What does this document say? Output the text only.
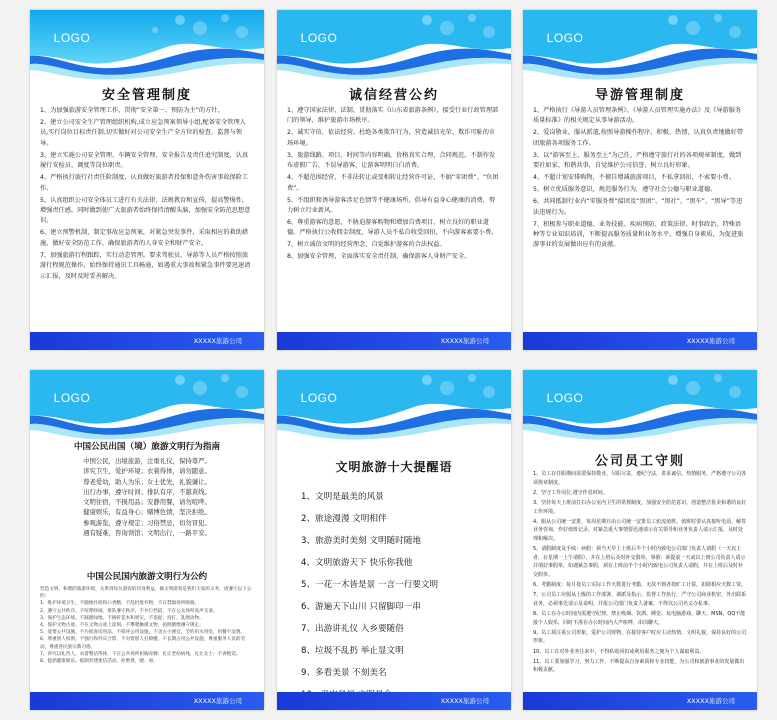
LOGO
安全管理制度

1、为加强旅游安全管理工作，贯彻“安全第一、预防为主”的方针。

2、建立公司安全生产管理组织机构,成立应急预案领导小组,配备安全管理人员,实行岗位目标责任制,切实做好对公司安全生产全方位的检查、监督与领导。

3、建立实施公司安全管理、车辆安全管理、安全报告及责任追究制度，认真履行安检员、调度等岗位职责。

4、严格执行旅行社责任险制度，认真做好旅游者投保和意外伤害事故保险工作。

5、认真组织公司安全体员工进行有关法律、法规教育和宣传，提高警惕性，增强责任感。同时做到使广大旅游者始终保持清醒头脑，加强安全防范思想意识。

6、建立预警机制，制定事故应急预案，对紧急突发事件，采取相应的救助措施，做好安全防范工作，确保旅游者的人身安全和财产安全。

7、加强旅游行程跟踪，实行动态管理。要求驾驶员、导游等人员严格按照旅游行程规范操作，始终保持通讯工具畅通，如遇重大事故和紧急事件要迅速请示汇报，及时及时妥善解决。

XXXXX旅游公司
LOGO
诚信经营公约

1、遵守国家法律、法制，贯彻落实《山东省旅游条例》，接受行业行政管理部门的领导，维护旅游市场秩序。

2、诚实守信，依法经营。杜绝各类欺诈行为，营造诚信光荣、欺诈可耻的市场环境。

3、旅游线路、项目、时间等内容明确，价格真实合理，合同规范。不制作发布虚假广告，不误导游客，让游客明明白白消费。

4、不超范围经营，不非法转让或变相转让经营许可证，不搞“零团费”、“负团费”。

5、不组织和诱导游客涉足色情等不健康场所，倡导有益身心健康的消费，努力树立行业新风。

6、尊重游客的意愿，不胁迫游客购物和增加自费项目，树立良好的职业道德。严格执行公收佣金制度，导游人员不私自收受回扣，不向游客索要小费。

7、树立诚信文明的经营理念，自觉维护游客的合法权益。

8、加强安全管理，全面落实安全责任制，确保游客人身财产安全。

XXXXX旅游公司
LOGO
导游管理制度

1、严格执行《导游人员管理条例》、《导游人员管理实施办法》及《导游服务质量标准》的相关规定从事导游活动。

2、爱岗敬业，服从派遣,按照导游操作程序，积极、热情、认真负责地做好带团旅游各项服务工作。

3、以“游客至上，服务至上”为己任，严格遵守旅行社的各项规章制度，做到要社如家、和谐共事，自觉维护公司信誉，树立良好形象。

4、不超计划安排购物，不擅自增减旅游项目，不私拿回扣，不索要小费。

5、树立优质服务意识，规范服务行为，遵守社会公德与职业道德。

6、共同抵制行业内“零服务费”接团及“黑团”、“黑社”、“黑车”、“黑导”等违法违规行为。

7、积极参与职业道德、业务技能、疾病预防、政策法律、时事政治、特殊语种等专业知识培训，不断提高服务质量和业务水平，增强自身素质，为促进旅游事业的发展做出应有的贡献。

XXXXX旅游公司
LOGO
中国公民出国（境）旅游文明行为指南
中国公民，出境旅游，注重礼仪，保持尊严。
讲究卫生，爱护环境；衣着得体，请勿随意。
尊老爱幼，助人为乐；女士优先，礼貌谦让。
出行办事，遵守时间；排队有序，不越黄线。
文明住宿，不损用品；安静用餐，请勿喧哗。
健康娱乐，有益身心；赌博色情，坚决拒绝。
参观游览，遵守规定；习俗禁忌，切勿冒犯。
遇有疑难，咨询领馆；文明出行，一路平安。
中国公民国内旅游文明行为公约

营造文明、和谐的旅游环境，关系到每位游客的切身利益，做文明游客是我们大家的义务，请遵守以下公约：

1、维护环境卫生。不随地吐痰和口香糖，不乱扔废弃物，不在禁烟场所吸烟。

2、遵守公共秩序。不喧哗吵闹，排队遵守秩序，不并行挡道，不在公众场所高声交谈。

3、保护生态环境。不踩踏绿地，不摘折花木和果实，不追捉、投打、乱喂动物。

4、保护文物古迹。不在文物古迹上涂刻，不攀爬触摸文物，拍照摄像遵守规定。

5、爱惜公共设施。不污损客房用品，不损坏公用设施，不贪占小便宜，节约用水用电，用餐不浪费。

6、尊重别人权利。不强行和外宾合影，不对着别人打喷嚏，不长期占用公共设施，尊重服务人员的劳动，尊重各民族宗教习俗。

7、讲究以礼待人。衣着整洁得体，不在公共场所袒胸赤膊；礼让老幼病残，礼让女士；不讲粗话。

8、提倡健康娱乐。抵制封建迷信活动，拒绝黄、赌、毒。

XXXXX旅游公司
LOGO
文明旅游十大提醒语
1、文明是最美的风景
2、旅途漫漫 文明相伴
3、旅游美时美刻 文明随时随地
4、文明旅游天下 快乐你我他
5、一花一木皆是景 一言一行要文明
6、游遍天下山川 只留脚印一串
7、出游讲礼仪 入乡要随俗
8、垃圾不乱扔 举止显文明
9、多看美景 不刻美名
XXXXX旅游公司
LOGO
公司员工守则

1、员工在任职期间需要保持敬业、尽职尽责，遵纪守法，讲求诚信、热情服务，严格遵守公司各项规章制度。

2、坚守工作岗位,遵守作息时间。

3、坚持每天上班前打扫办公室内卫生的常规制度，加强安全防范意识，创造整洁优美和谐的良好工作环境。

4、服从公司统一安排，每周星期日由公司统一安排员工轮流值班，值班时要认真接听电话，解答业务咨询，作好值班记录，对紧急重大事情要迅速请示有关领导和业务负责人请示汇报，及时处理和解决。

5、请假制度及手续：病假：须当天早上上班后半个小时内致电公司部门负责人请假（一天以上者，在星期一上午请假），并在上班后及时补交假单。事假：须提前一天或以上到公司负责人请示并填好事假单，如遇紧急事假，须在上班前半个小时内致电公司负责人请假，并在上班后及时补交假单。

6、考勤制度：每月按员工实际工作天数进行考勤，无故不到者按旷工计算，扣除相应天数工资。

7、公司员工应服从上级的工作部署、调派及指示，监督工作执行。严守公司商业机密，外出联系业务，必须事先请示及说明，并报公司部门负责人备案，不得以公司名义办私事。

8、员工在办公时间内需遵守纪律，禁止吸烟、饮酒、睡觉、玩电脑游戏、聊天、MSN、QQ不能接个人娱乐，同时不准在办公时间内大声喧哗，串岗聊天。

9、员工须注重公司形象，爱护公司财物，在接待客户时应主动热情、文明礼貌，保持良好的公司形象。

10、员工在对外业务往来中，不得私收回扣或利用职务之便为个人谋取利益。

11、员工要加强学习，努力工作，不断提高自身素质和专业技能，为公司和旅游事业的发展做出积极贡献。

XXXXX旅游公司
